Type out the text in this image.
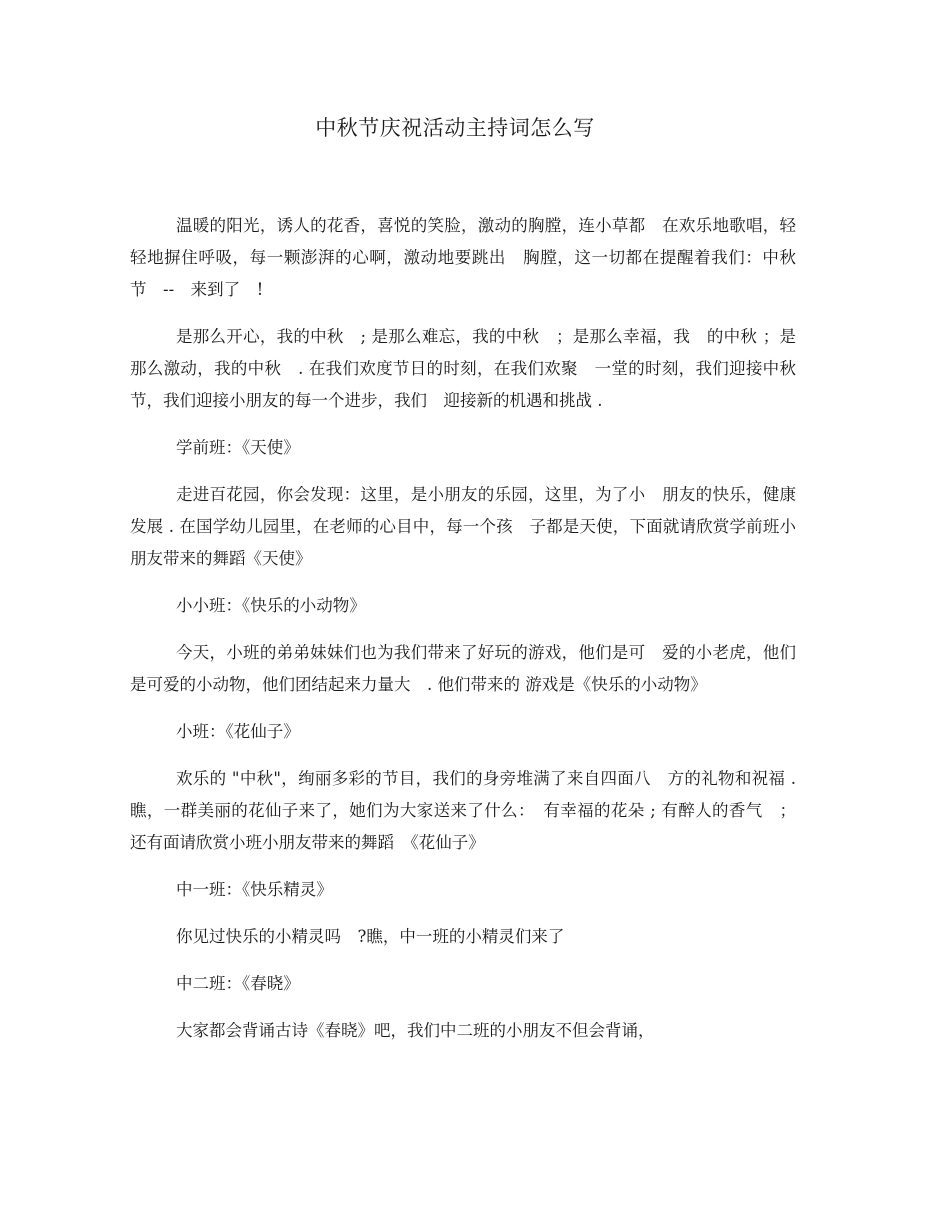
中秋节庆祝活动主持词怎么写

温暖的阳光，诱人的花香，喜悦的笑脸，激动的胸膛，连小草都　在欢乐地歌唱，轻轻地摒住呼吸，每一颗澎湃的心啊，激动地要跳出　胸膛，这一切都在提醒着我们：中秋节　--　来到了　!

是那么开心，我的中秋　; 是那么难忘，我的中秋　；是那么幸福，我　的中秋 ；是那么激动，我的中秋　. 在我们欢度节日的时刻，在我们欢聚　一堂的时刻，我们迎接中秋节，我们迎接小朋友的每一个进步，我们　迎接新的机遇和挑战 .

学前班：《天使》

走进百花园，你会发现：这里，是小朋友的乐园，这里，为了小　朋友的快乐，健康发展 . 在国学幼儿园里，在老师的心目中，每一个孩　子都是天使，下面就请欣赏学前班小朋友带来的舞蹈《天使》

小小班：《快乐的小动物》

今天，小班的弟弟妹妹们也为我们带来了好玩的游戏，他们是可　爱的小老虎，他们是可爱的小动物，他们团结起来力量大　. 他们带来的 游戏是《快乐的小动物》

小班：《花仙子》

欢乐的 "中秋"，绚丽多彩的节目，我们的身旁堆满了来自四面八　方的礼物和祝福 . 瞧，一群美丽的花仙子来了，她们为大家送来了什么：　有幸福的花朵 ; 有醉人的香气　； 还有面请欣赏小班小朋友带来的舞蹈　《花仙子》

中一班：《快乐精灵》

你见过快乐的小精灵吗　?瞧，中一班的小精灵们来了

中二班：《春晓》

大家都会背诵古诗《春晓》吧，我们中二班的小朋友不但会背诵，
